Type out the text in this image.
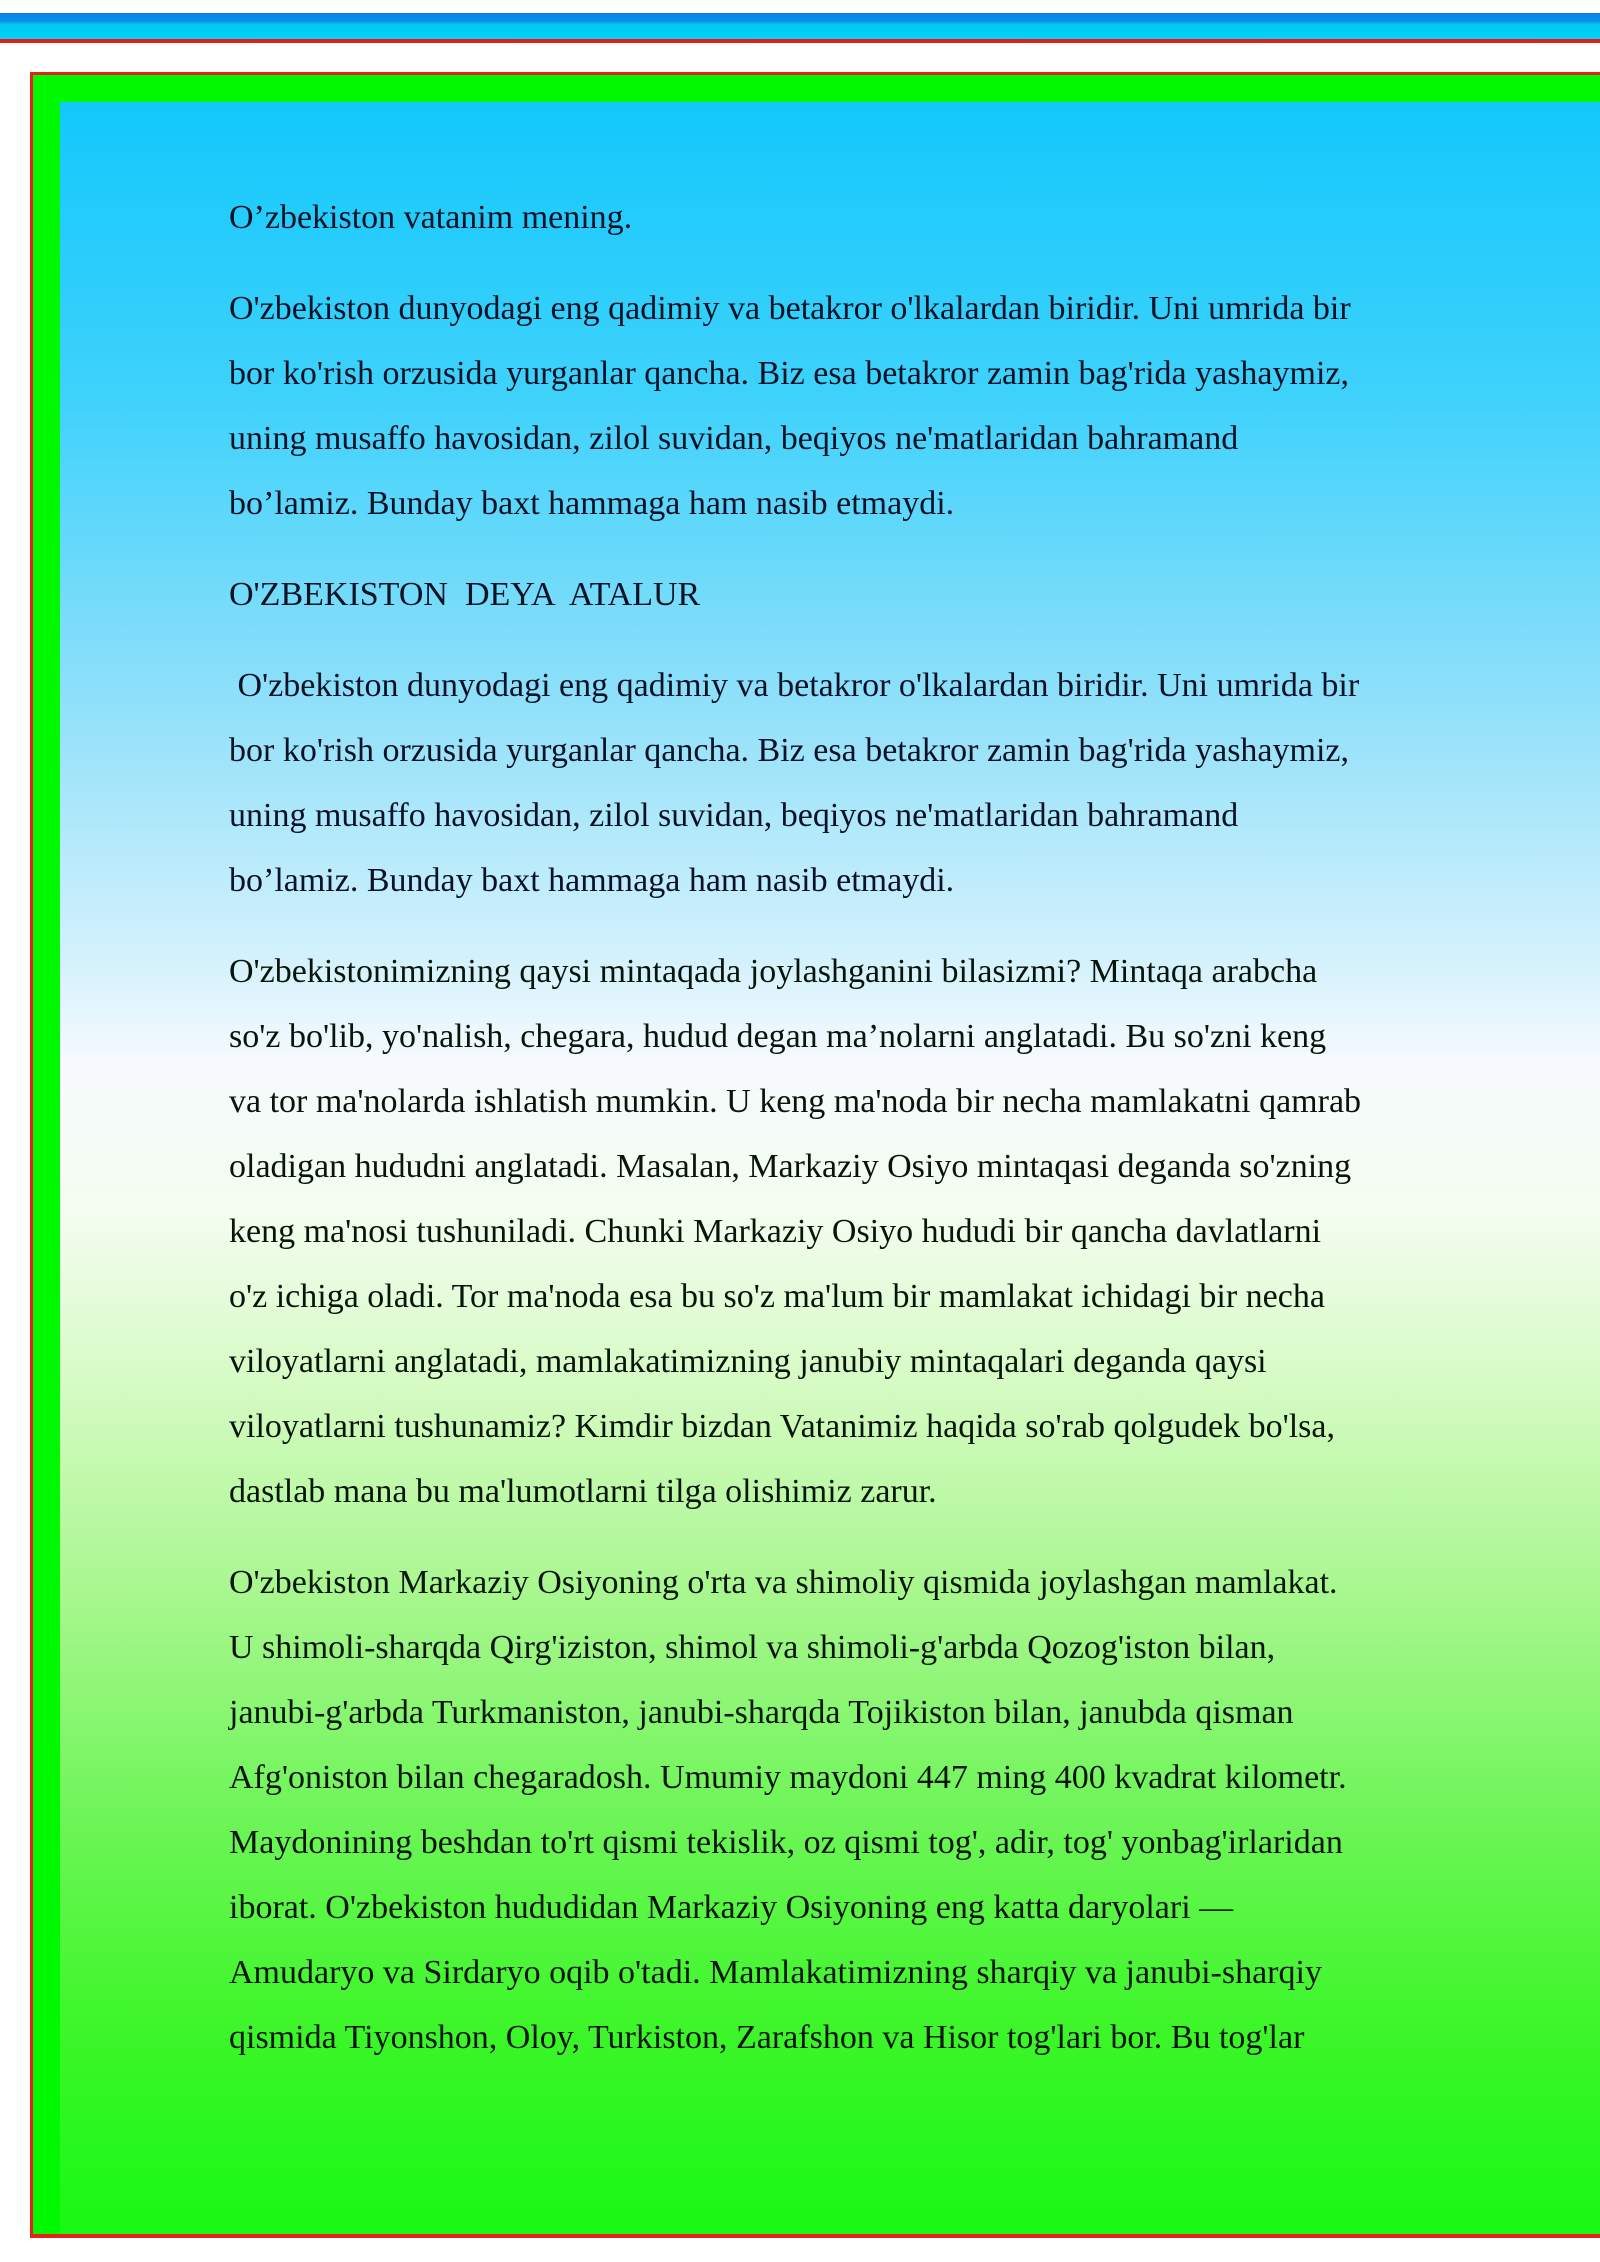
O’zbekiston vatanim mening.

O'zbekiston dunyodagi eng qadimiy va betakror o'lkalardan biridir. Uni umrida bir
bor ko'rish orzusida yurganlar qancha. Biz esa betakror zamin bag'rida yashaymiz,
uning musaffo havosidan, zilol suvidan, beqiyos ne'matlaridan bahramand
bo’lamiz. Bunday baxt hammaga ham nasib etmaydi.

O'ZBEKISTON  DEYA  ATALUR

O'zbekiston dunyodagi eng qadimiy va betakror o'lkalardan biridir. Uni umrida bir
bor ko'rish orzusida yurganlar qancha. Biz esa betakror zamin bag'rida yashaymiz,
uning musaffo havosidan, zilol suvidan, beqiyos ne'matlaridan bahramand
bo’lamiz. Bunday baxt hammaga ham nasib etmaydi.

O'zbekistonimizning qaysi mintaqada joylashganini bilasizmi? Mintaqa arabcha
so'z bo'lib, yo'nalish, chegara, hudud degan ma’nolarni anglatadi. Bu so'zni keng
va tor ma'nolarda ishlatish mumkin. U keng ma'noda bir necha mamlakatni qamrab
oladigan hududni anglatadi. Masalan, Markaziy Osiyo mintaqasi deganda so'zning
keng ma'nosi tushuniladi. Chunki Markaziy Osiyo hududi bir qancha davlatlarni
o'z ichiga oladi. Tor ma'noda esa bu so'z ma'lum bir mamlakat ichidagi bir necha
viloyatlarni anglatadi, mamlakatimizning janubiy mintaqalari deganda qaysi
viloyatlarni tushunamiz? Kimdir bizdan Vatanimiz haqida so'rab qolgudek bo'lsa,
dastlab mana bu ma'lumotlarni tilga olishimiz zarur.

O'zbekiston Markaziy Osiyoning o'rta va shimoliy qismida joylashgan mamlakat.
U shimoli-sharqda Qirg'iziston, shimol va shimoli-g'arbda Qozog'iston bilan,
janubi-g'arbda Turkmaniston, janubi-sharqda Tojikiston bilan, janubda qisman
Afg'oniston bilan chegaradosh. Umumiy maydoni 447 ming 400 kvadrat kilometr.
Maydonining beshdan to'rt qismi tekislik, oz qismi tog', adir, tog' yonbag'irlaridan
iborat. O'zbekiston hududidan Markaziy Osiyoning eng katta daryolari —
Amudaryo va Sirdaryo oqib o'tadi. Mamlakatimizning sharqiy va janubi-sharqiy
qismida Tiyonshon, Oloy, Turkiston, Zarafshon va Hisor tog'lari bor. Bu tog'lar
